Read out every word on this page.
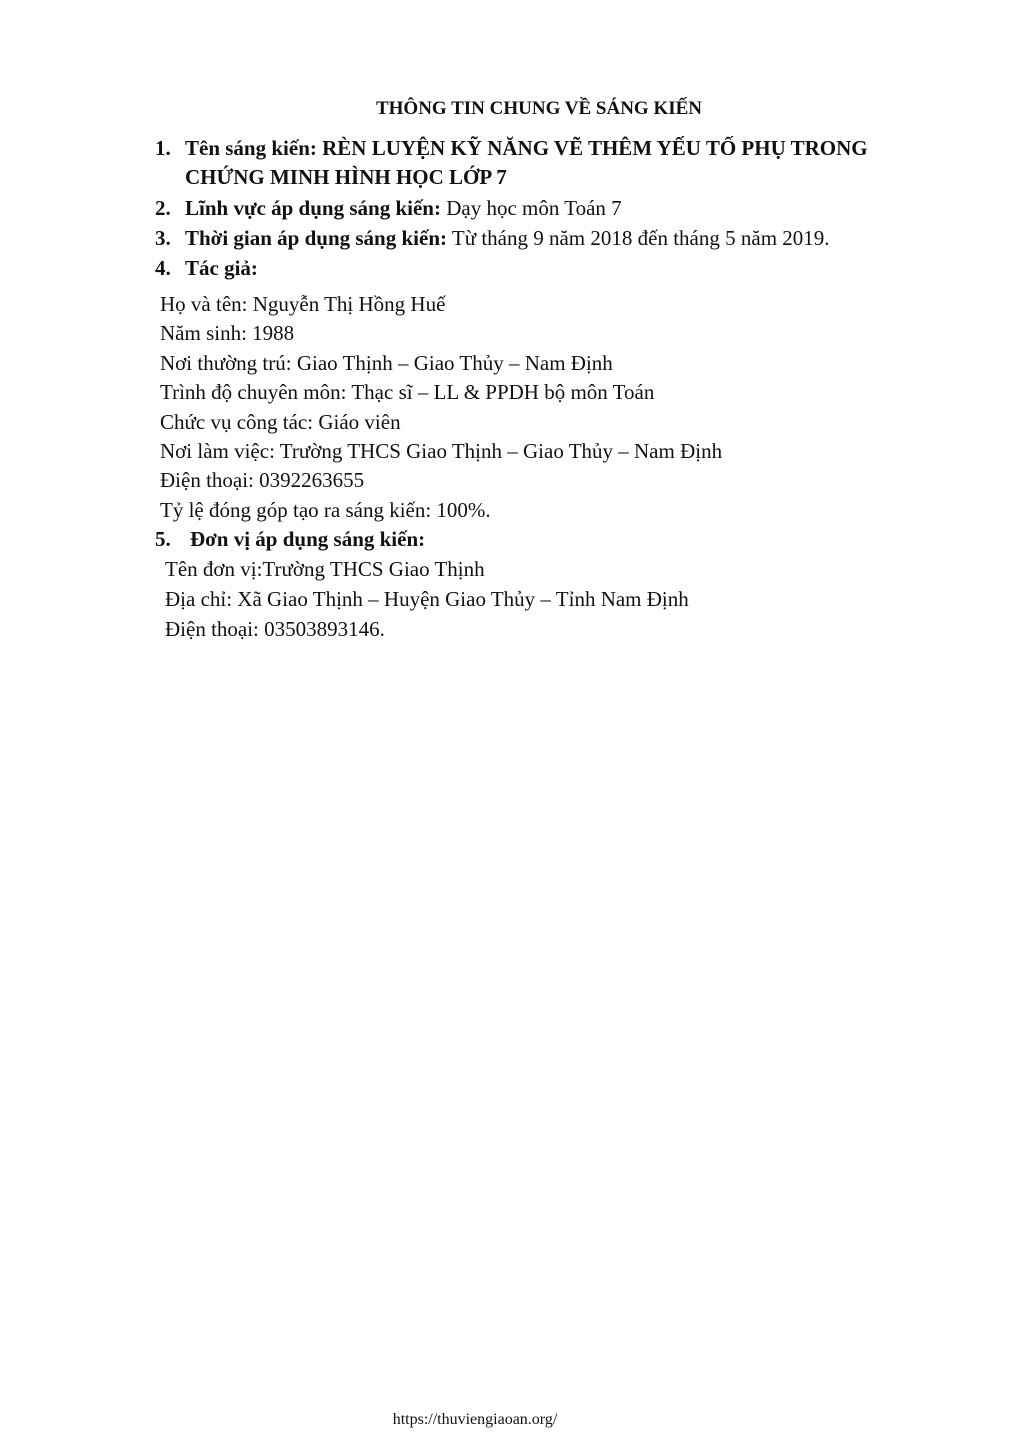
THÔNG TIN CHUNG VỀ SÁNG KIẾN
1. Tên sáng kiến: RÈN LUYỆN KỸ NĂNG VẼ THÊM YẾU TỐ PHỤ TRONG
CHỨNG MINH HÌNH HỌC LỚP 7
2. Lĩnh vực áp dụng sáng kiến: Dạy học môn Toán 7
3. Thời gian áp dụng sáng kiến: Từ tháng 9 năm 2018 đến tháng 5 năm 2019.
4. Tác giả:
Họ và tên: Nguyễn Thị Hồng Huế
Năm sinh: 1988
Nơi thường trú: Giao Thịnh – Giao Thủy – Nam Định
Trình độ chuyên môn: Thạc sĩ – LL & PPDH bộ môn Toán
Chức vụ công tác: Giáo viên
Nơi làm việc: Trường THCS Giao Thịnh – Giao Thủy – Nam Định
Điện thoại: 0392263655
Tỷ lệ đóng góp tạo ra sáng kiến: 100%.
5. Đơn vị áp dụng sáng kiến:
Tên đơn vị:Trường THCS Giao Thịnh
Địa chỉ: Xã Giao Thịnh – Huyện Giao Thủy – Tỉnh Nam Định
Điện thoại: 03503893146.
https://thuviengiaoan.org/
